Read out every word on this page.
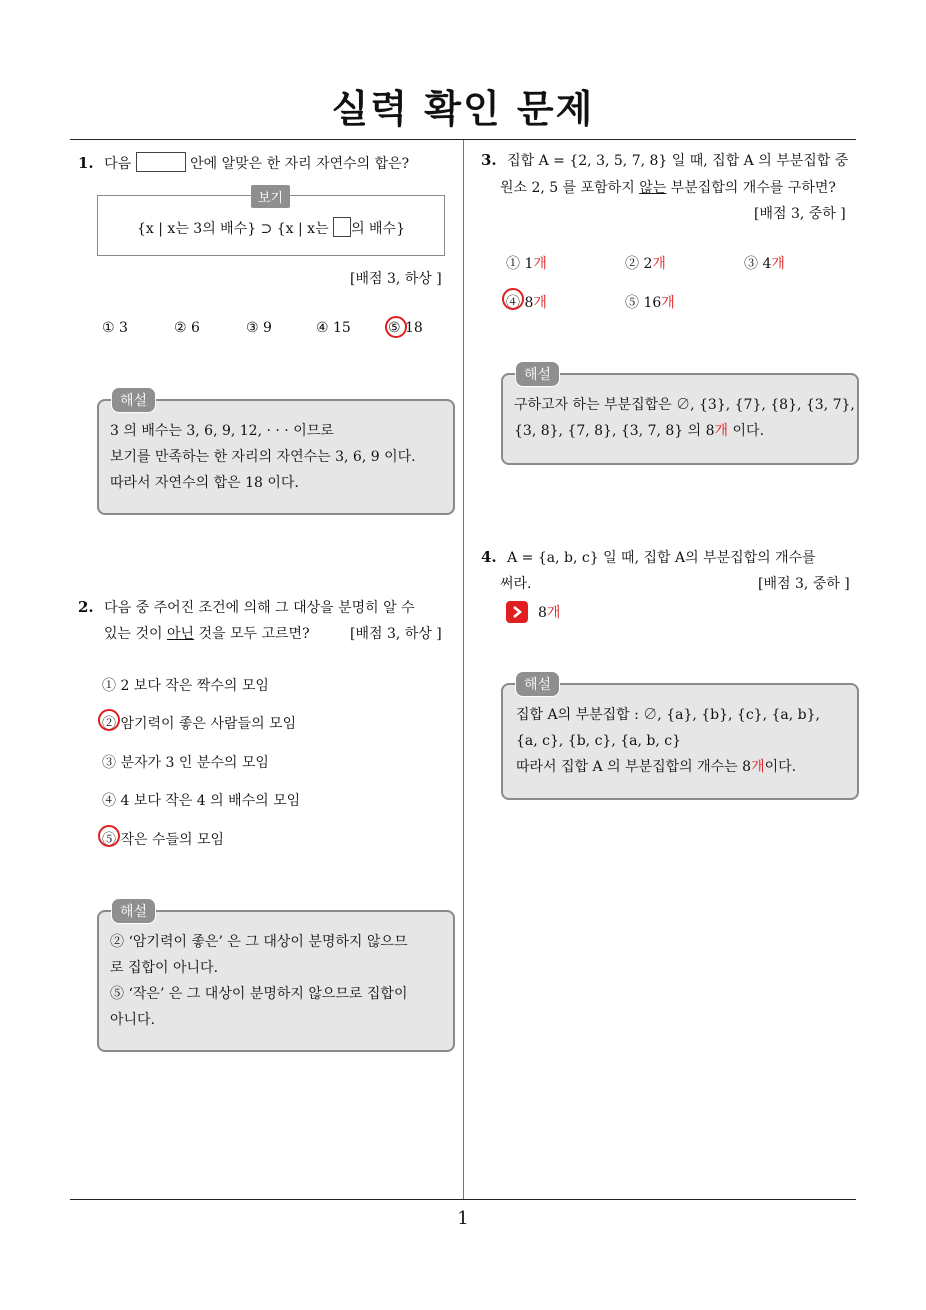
실력 확인 문제
1. 다음	안에 알맞은 한 자리 자연수의 합은?
보기
{x | x는 3의 배수} ⊃ {x | x는 의 배수}
[배점 3, 하상 ]
① 3	② 6	③ 9	④ 15	⑤ 18
해설
3 의 배수는 3, 6, 9, 12, · · · 이므로
보기를 만족하는 한 자리의 자연수는 3, 6, 9 이다.
따라서 자연수의 합은 18 이다.
2. 다음 중 주어진 조건에 의해 그 대상을 분명히 알 수
있는 것이 아닌 것을 모두 고르면?	[배점 3, 하상 ]
① 2 보다 작은 짝수의 모임
② 암기력이 좋은 사람들의 모임
③ 분자가 3 인 분수의 모임
④ 4 보다 작은 4 의 배수의 모임
⑤ 작은 수들의 모임
해설
② ‘암기력이 좋은’ 은 그 대상이 분명하지 않으므
로 집합이 아니다.
⑤ ‘작은’ 은 그 대상이 분명하지 않으므로 집합이
아니다.
3. 집합 A = {2, 3, 5, 7, 8} 일 때, 집합 A 의 부분집합 중
원소 2, 5 를 포함하지 않는 부분집합의 개수를 구하면?
[배점 3, 중하 ]
① 1개	② 2개	③ 4개
④ 8개	⑤ 16개
해설
구하고자 하는 부분집합은 ∅, {3}, {7}, {8}, {3, 7},
{3, 8}, {7, 8}, {3, 7, 8} 의 8개 이다.
4. A = {a, b, c} 일 때, 집합 A의 부분집합의 개수를
써라.	[배점 3, 중하 ]
8개
해설
집합 A의 부분집합 : ∅, {a}, {b}, {c}, {a, b},
{a, c}, {b, c}, {a, b, c}
따라서 집합 A 의 부분집합의 개수는 8개이다.
1
